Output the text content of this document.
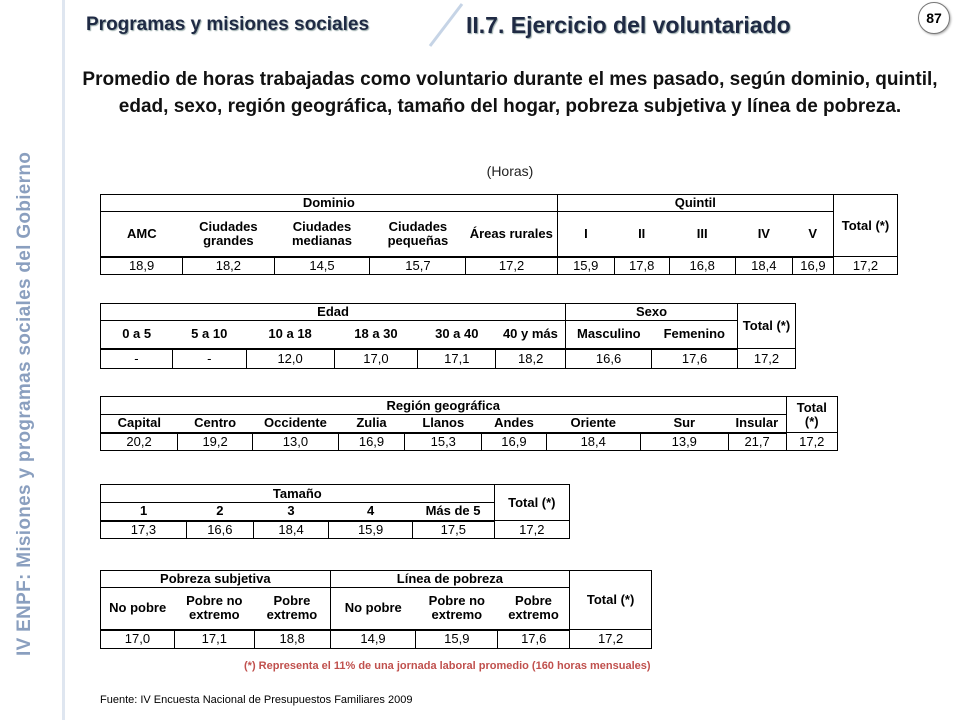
IV ENPF: Misiones y programas sociales del Gobierno
Programas y misiones sociales	II.7. Ejercicio del voluntariado	87
Promedio de horas trabajadas como voluntario durante el mes pasado, según dominio, quintil, edad, sexo, región geográfica, tamaño del hogar, pobreza subjetiva y línea de pobreza.
(Horas)
Dominio					Quintil					Total (*)
AMC	Ciudades grandes	Ciudades medianas	Ciudades pequeñas	Áreas rurales	I	II	III	IV	V	
18,9	18,2	14,5	15,7	17,2	15,9	17,8	16,8	18,4	16,9	17,2
Edad						Sexo		Total (*)
0 a 5	5 a 10	10 a 18	18 a 30	30 a 40	40 y más	Masculino	Femenino	
-	-	12,0	17,0	17,1	18,2	16,6	17,6	17,2
Región geográfica									Total (*)
Capital	Centro	Occidente	Zulia	Llanos	Andes	Oriente	Sur	Insular	
20,2	19,2	13,0	16,9	15,3	16,9	18,4	13,9	21,7	17,2
Tamaño					Total (*)
1	2	3	4	Más de 5	
17,3	16,6	18,4	15,9	17,5	17,2
Pobreza subjetiva			Línea de pobreza			Total (*)
No pobre	Pobre no extremo	Pobre extremo	No pobre	Pobre no extremo	Pobre extremo	
17,0	17,1	18,8	14,9	15,9	17,6	17,2
(*) Representa el 11% de una jornada laboral promedio (160 horas mensuales)
Fuente: IV Encuesta Nacional de Presupuestos Familiares 2009
